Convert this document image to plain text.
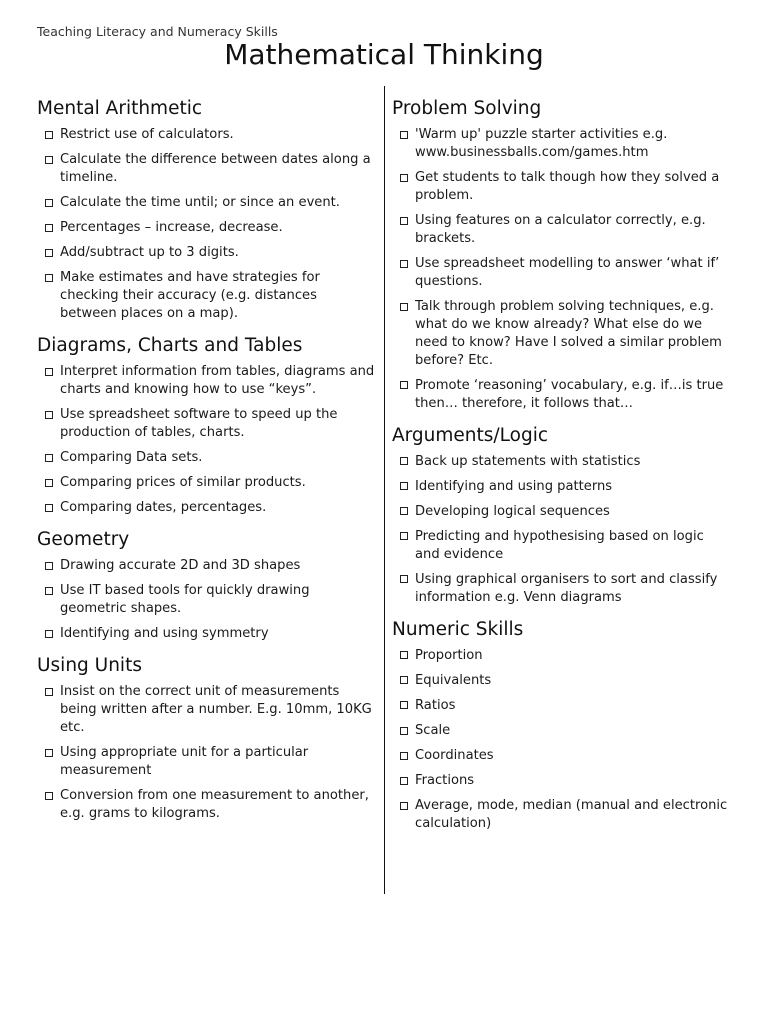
Teaching Literacy and Numeracy Skills
Mathematical Thinking
Mental Arithmetic
Restrict use of calculators.
Calculate the difference between dates along a timeline.
Calculate the time until; or since an event.
Percentages – increase, decrease.
Add/subtract up to 3 digits.
Make estimates and have strategies for checking their accuracy (e.g. distances between places on a map).
Diagrams, Charts and Tables
Interpret information from tables, diagrams and charts and knowing how to use “keys”.
Use spreadsheet software to speed up the production of tables, charts.
Comparing Data sets.
Comparing prices of similar products.
Comparing dates, percentages.
Geometry
Drawing accurate 2D and 3D shapes
Use IT based tools for quickly drawing geometric shapes.
Identifying and using symmetry
Using Units
Insist on the correct unit of measurements being written after a number. E.g. 10mm, 10KG etc.
Using appropriate unit for a particular measurement
Conversion from one measurement to another, e.g. grams to kilograms.
Problem Solving
'Warm up' puzzle starter activities e.g. www.businessballs.com/games.htm
Get students to talk though how they solved a problem.
Using features on a calculator correctly, e.g. brackets.
Use spreadsheet modelling to answer ‘what if’ questions.
Talk through problem solving techniques, e.g. what do we know already? What else do we need to know? Have I solved a similar problem before? Etc.
Promote ‘reasoning’ vocabulary, e.g. if…is true then… therefore, it follows that…
Arguments/Logic
Back up statements with statistics
Identifying and using patterns
Developing logical sequences
Predicting and hypothesising based on logic and evidence
Using graphical organisers to sort and classify information e.g. Venn diagrams
Numeric Skills
Proportion
Equivalents
Ratios
Scale
Coordinates
Fractions
Average, mode, median (manual and electronic calculation)
